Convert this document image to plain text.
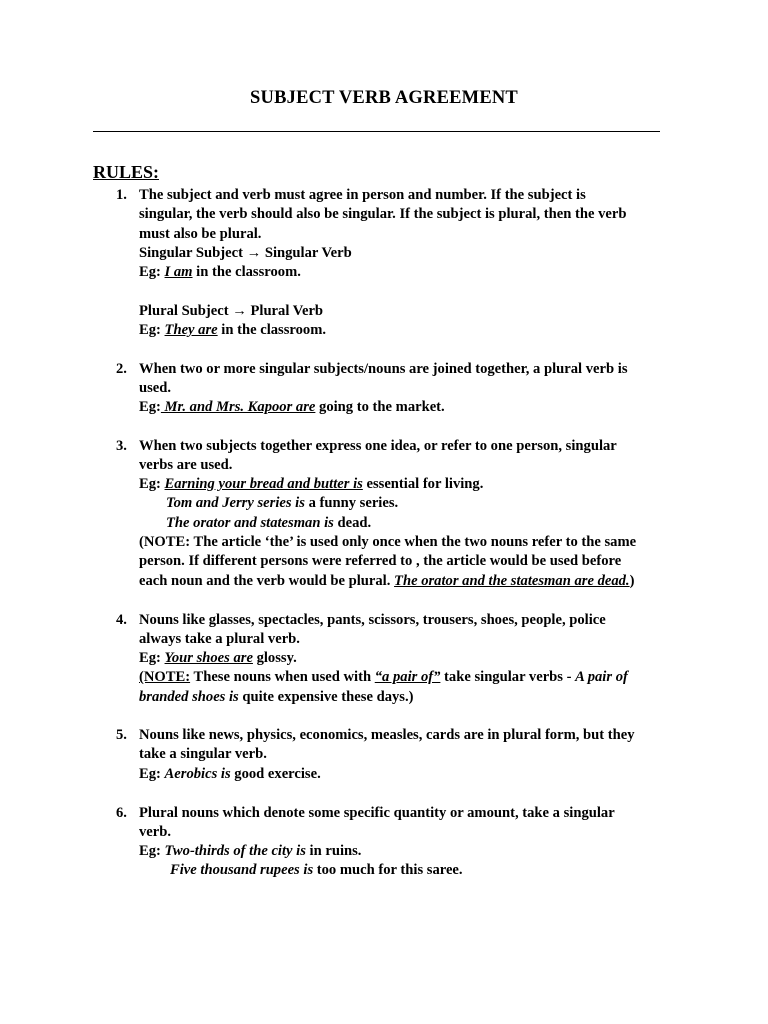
SUBJECT VERB AGREEMENT
RULES:
1. The subject and verb must agree in person and number. If the subject is

singular, the verb should also be singular. If the subject is plural, then the verb

must also be plural.

Singular Subject → Singular Verb

Eg: I am in the classroom.

Plural Subject → Plural Verb

Eg: They are in the classroom.

2. When two or more singular subjects/nouns are joined together, a plural verb is

used.

Eg: Mr. and Mrs. Kapoor are going to the market.

3. When two subjects together express one idea, or refer to one person, singular

verbs are used.

Eg: Earning your bread and butter is essential for living.

Tom and Jerry series is a funny series.

The orator and statesman is dead.

(NOTE: The article ‘the’ is used only once when the two nouns refer to the same

person. If different persons were referred to , the article would be used before

each noun and the verb would be plural. The orator and the statesman are dead.)

4. Nouns like glasses, spectacles, pants, scissors, trousers, shoes, people, police

always take a plural verb.

Eg: Your shoes are glossy.

(NOTE: These nouns when used with “a pair of” take singular verbs - A pair of

branded shoes is quite expensive these days.)

5. Nouns like news, physics, economics, measles, cards are in plural form, but they

take a singular verb.

Eg: Aerobics is good exercise.

6. Plural nouns which denote some specific quantity or amount, take a singular

verb.

Eg: Two-thirds of the city is in ruins.

Five thousand rupees is too much for this saree.
